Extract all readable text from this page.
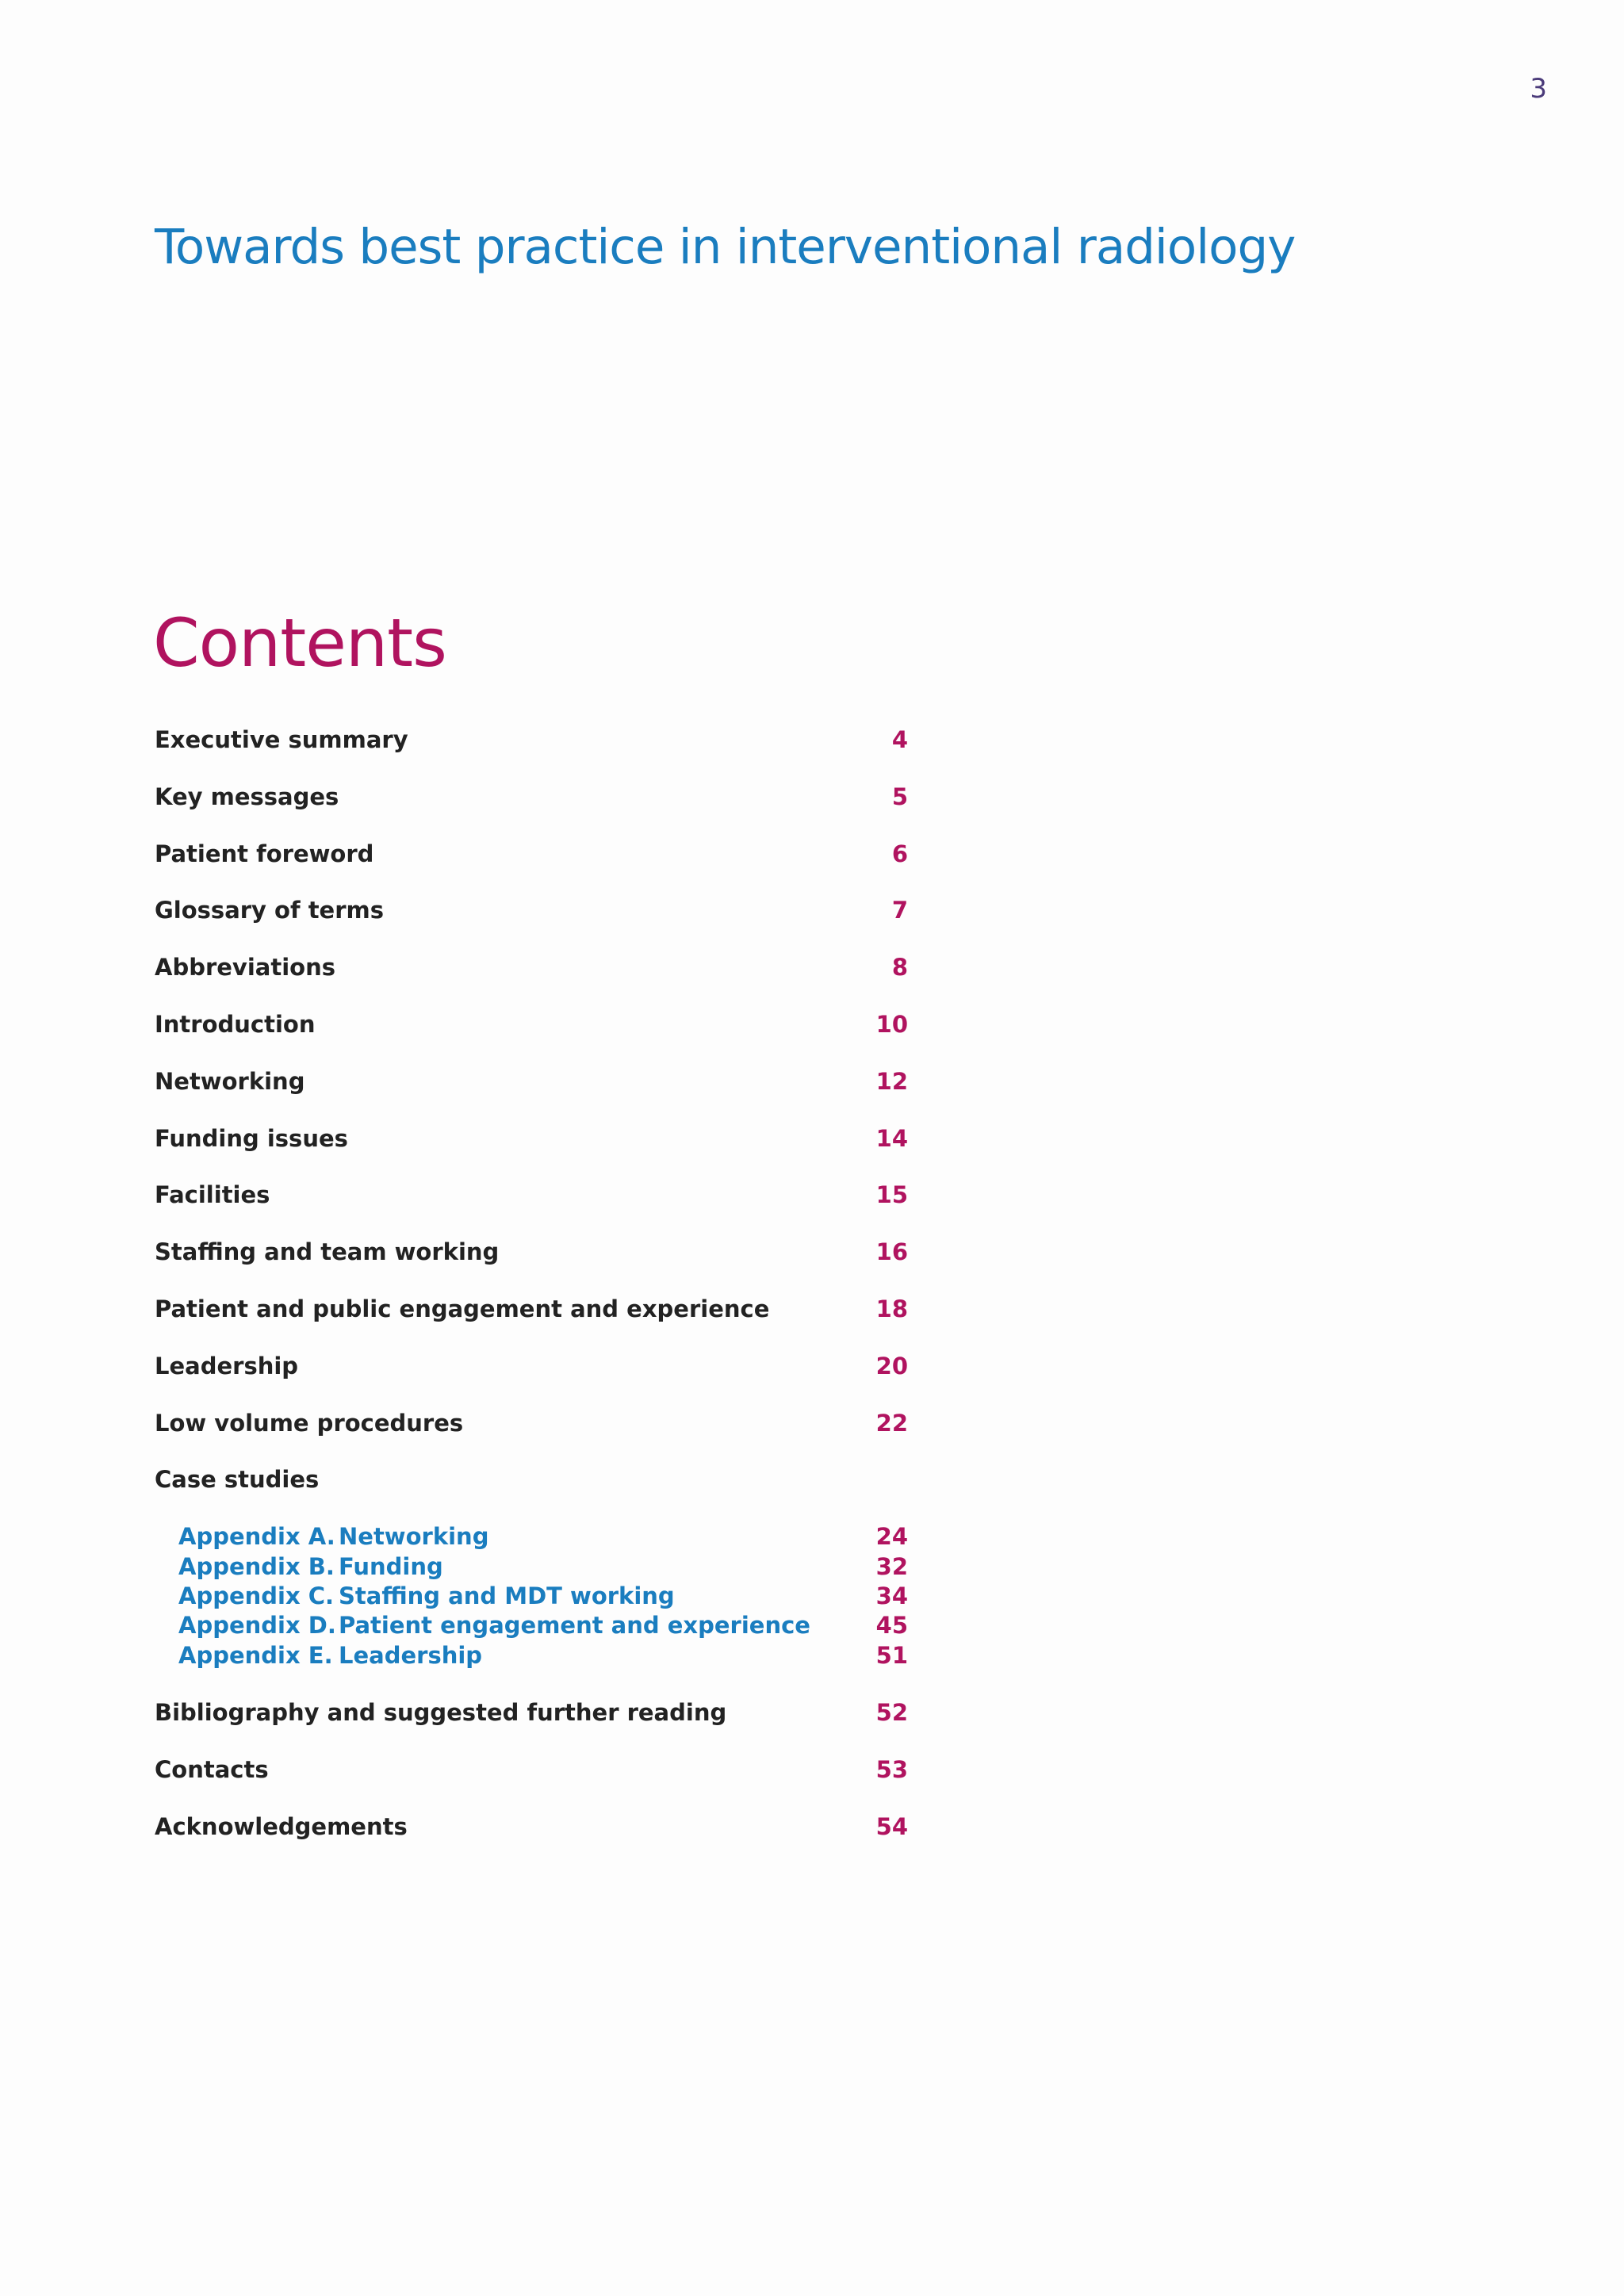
3
Towards best practice in interventional radiology
Contents
Executive summary	4
Key messages	5
Patient foreword	6
Glossary of terms	7
Abbreviations	8
Introduction	10
Networking	12
Funding issues	14
Facilities	15
Staffing and team working	16
Patient and public engagement and experience	18
Leadership	20
Low volume procedures	22
Case studies
Appendix A. Networking	24
Appendix B. Funding	32
Appendix C. Staffing and MDT working	34
Appendix D. Patient engagement and experience	45
Appendix E. Leadership	51
Bibliography and suggested further reading	52
Contacts	53
Acknowledgements	54
